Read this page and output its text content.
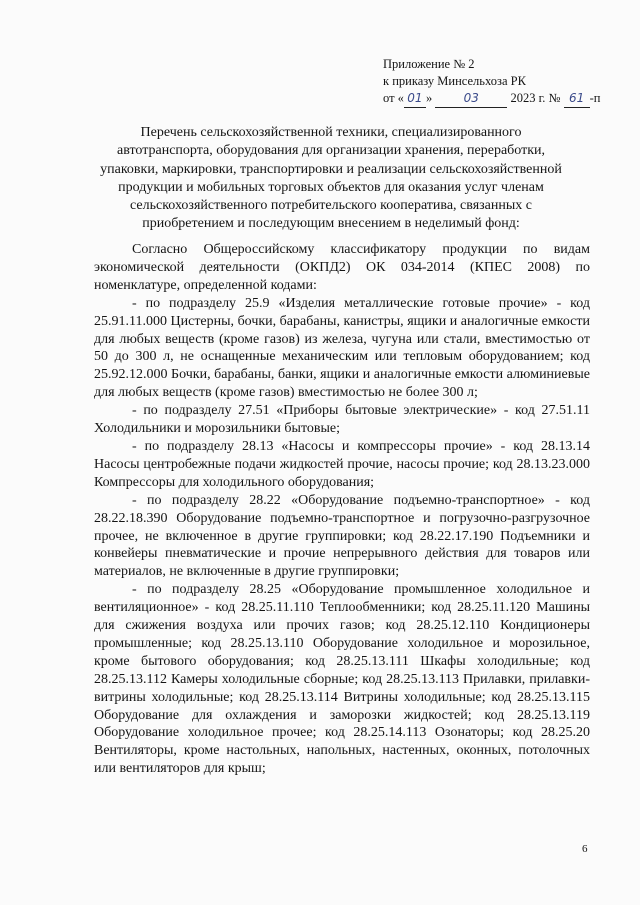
Приложение № 2
к приказу Минсельхоза РК
от « 01 »	03	2023 г. № 61 -п
Перечень сельскохозяйственной техники, специализированного автотранспорта, оборудования для организации хранения, переработки, упаковки, маркировки, транспортировки и реализации сельскохозяйственной продукции и мобильных торговых объектов для оказания услуг членам сельскохозяйственного потребительского кооператива, связанных с приобретением и последующим внесением в неделимый фонд:

Согласно Общероссийскому классификатору продукции по видам экономической деятельности (ОКПД2) ОК 034-2014 (КПЕС 2008) по номенклатуре, определенной кодами:

- по подразделу 25.9 «Изделия металлические готовые прочие» - код 25.91.11.000 Цистерны, бочки, барабаны, канистры, ящики и аналогичные емкости для любых веществ (кроме газов) из железа, чугуна или стали, вместимостью от 50 до 300 л, не оснащенные механическим или тепловым оборудованием; код 25.92.12.000 Бочки, барабаны, банки, ящики и аналогичные емкости алюминиевые для любых веществ (кроме газов) вместимостью не более 300 л;

- по подразделу 27.51 «Приборы бытовые электрические» - код 27.51.11 Холодильники и морозильники бытовые;

- по подразделу 28.13 «Насосы и компрессоры прочие» - код 28.13.14 Насосы центробежные подачи жидкостей прочие, насосы прочие; код 28.13.23.000 Компрессоры для холодильного оборудования;

- по подразделу 28.22 «Оборудование подъемно-транспортное» - код 28.22.18.390 Оборудование подъемно-транспортное и погрузочно-разгрузочное прочее, не включенное в другие группировки; код 28.22.17.190 Подъемники и конвейеры пневматические и прочие непрерывного действия для товаров или материалов, не включенные в другие группировки;

- по подразделу 28.25 «Оборудование промышленное холодильное и вентиляционное» - код 28.25.11.110 Теплообменники; код 28.25.11.120 Машины для сжижения воздуха или прочих газов; код 28.25.12.110 Кондиционеры промышленные; код 28.25.13.110 Оборудование холодильное и морозильное, кроме бытового оборудования; код 28.25.13.111 Шкафы холодильные; код 28.25.13.112 Камеры холодильные сборные; код 28.25.13.113 Прилавки, прилавки-витрины холодильные; код 28.25.13.114 Витрины холодильные; код 28.25.13.115 Оборудование для охлаждения и заморозки жидкостей; код 28.25.13.119 Оборудование холодильное прочее; код 28.25.14.113 Озонаторы; код 28.25.20 Вентиляторы, кроме настольных, напольных, настенных, оконных, потолочных или вентиляторов для крыш;

6
